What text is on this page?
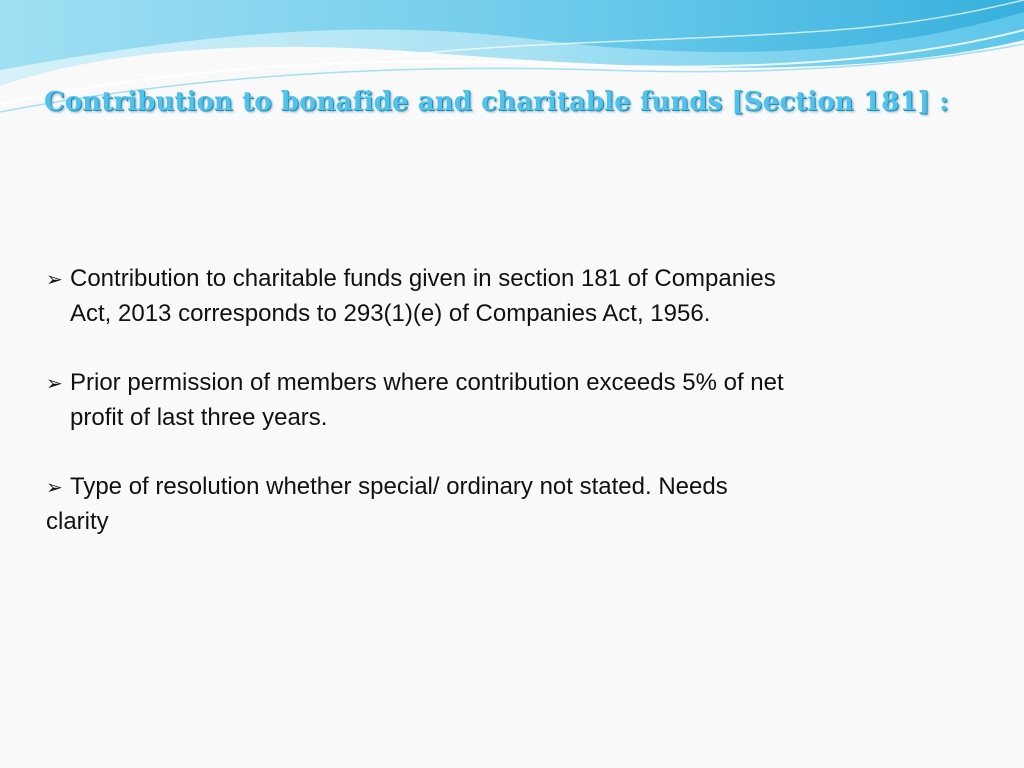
Contribution to bonafide and charitable funds [Section 181] :
➢ Contribution to charitable funds given in section 181 of Companies
Act, 2013 corresponds to 293(1)(e) of Companies Act, 1956.
➢ Prior permission of members where contribution exceeds 5% of net
profit of last three years.
➢ Type of resolution whether special/ ordinary not stated. Needs
clarity
